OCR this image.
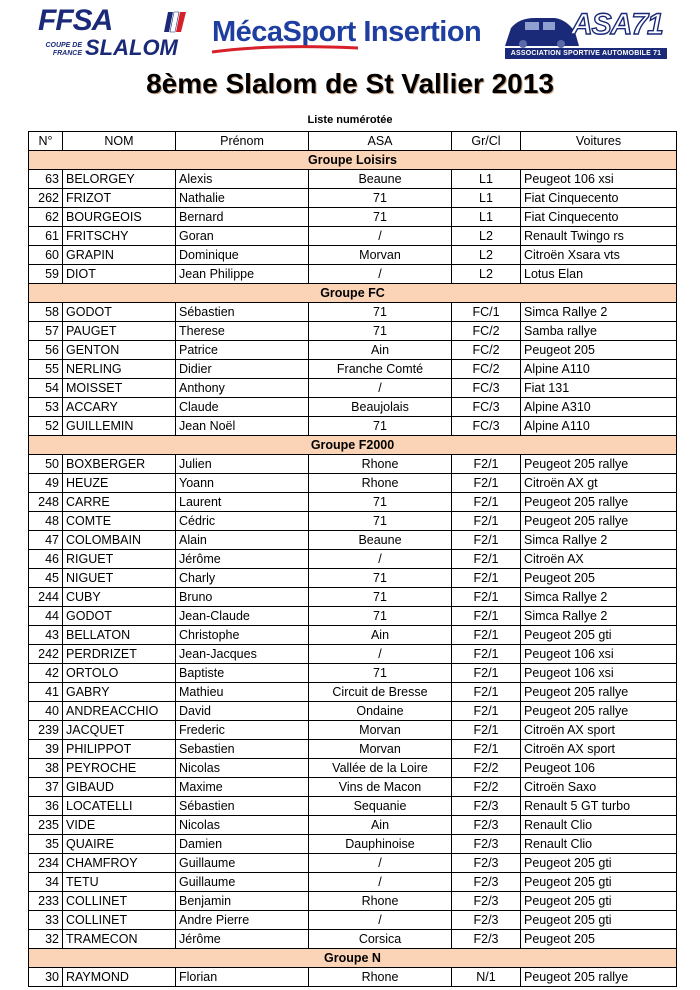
FFSA
COUPE DE
FRANCE SLALOM MécaSport Insertion	ASA71
ASSOCIATION SPORTIVE AUTOMOBILE 71
8ème Slalom de St Vallier 2013
Liste numérotée
N°	NOM	Prénom	ASA	Gr/Cl	Voitures
Groupe Loisirs					
63	BELORGEY	Alexis	Beaune	L1	Peugeot 106 xsi
262	FRIZOT	Nathalie	71	L1	Fiat Cinquecento
62	BOURGEOIS	Bernard	71	L1	Fiat Cinquecento
61	FRITSCHY	Goran	/	L2	Renault Twingo rs
60	GRAPIN	Dominique	Morvan	L2	Citroën Xsara vts
59	DIOT	Jean Philippe	/	L2	Lotus Elan
Groupe FC					
58	GODOT	Sébastien	71	FC/1	Simca Rallye 2
57	PAUGET	Therese	71	FC/2	Samba rallye
56	GENTON	Patrice	Ain	FC/2	Peugeot 205
55	NERLING	Didier	Franche Comté	FC/2	Alpine A110
54	MOISSET	Anthony	/	FC/3	Fiat 131
53	ACCARY	Claude	Beaujolais	FC/3	Alpine A310
52	GUILLEMIN	Jean Noël	71	FC/3	Alpine A110
Groupe F2000					
50	BOXBERGER	Julien	Rhone	F2/1	Peugeot 205 rallye
49	HEUZE	Yoann	Rhone	F2/1	Citroën AX gt
248	CARRE	Laurent	71	F2/1	Peugeot 205 rallye
48	COMTE	Cédric	71	F2/1	Peugeot 205 rallye
47	COLOMBAIN	Alain	Beaune	F2/1	Simca Rallye 2
46	RIGUET	Jérôme	/	F2/1	Citroën AX
45	NIGUET	Charly	71	F2/1	Peugeot 205
244	CUBY	Bruno	71	F2/1	Simca Rallye 2
44	GODOT	Jean-Claude	71	F2/1	Simca Rallye 2
43	BELLATON	Christophe	Ain	F2/1	Peugeot 205 gti
242	PERDRIZET	Jean-Jacques	/	F2/1	Peugeot 106 xsi
42	ORTOLO	Baptiste	71	F2/1	Peugeot 106 xsi
41	GABRY	Mathieu	Circuit de Bresse	F2/1	Peugeot 205 rallye
40	ANDREACCHIO	David	Ondaine	F2/1	Peugeot 205 rallye
239	JACQUET	Frederic	Morvan	F2/1	Citroën AX sport
39	PHILIPPOT	Sebastien	Morvan	F2/1	Citroën AX sport
38	PEYROCHE	Nicolas	Vallée de la Loire	F2/2	Peugeot 106
37	GIBAUD	Maxime	Vins de Macon	F2/2	Citroën Saxo
36	LOCATELLI	Sébastien	Sequanie	F2/3	Renault 5 GT turbo
235	VIDE	Nicolas	Ain	F2/3	Renault Clio
35	QUAIRE	Damien	Dauphinoise	F2/3	Renault Clio
234	CHAMFROY	Guillaume	/	F2/3	Peugeot 205 gti
34	TETU	Guillaume	/	F2/3	Peugeot 205 gti
233	COLLINET	Benjamin	Rhone	F2/3	Peugeot 205 gti
33	COLLINET	Andre Pierre	/	F2/3	Peugeot 205 gti
32	TRAMECON	Jérôme	Corsica	F2/3	Peugeot 205
Groupe N					
30	RAYMOND	Florian	Rhone	N/1	Peugeot 205 rallye
